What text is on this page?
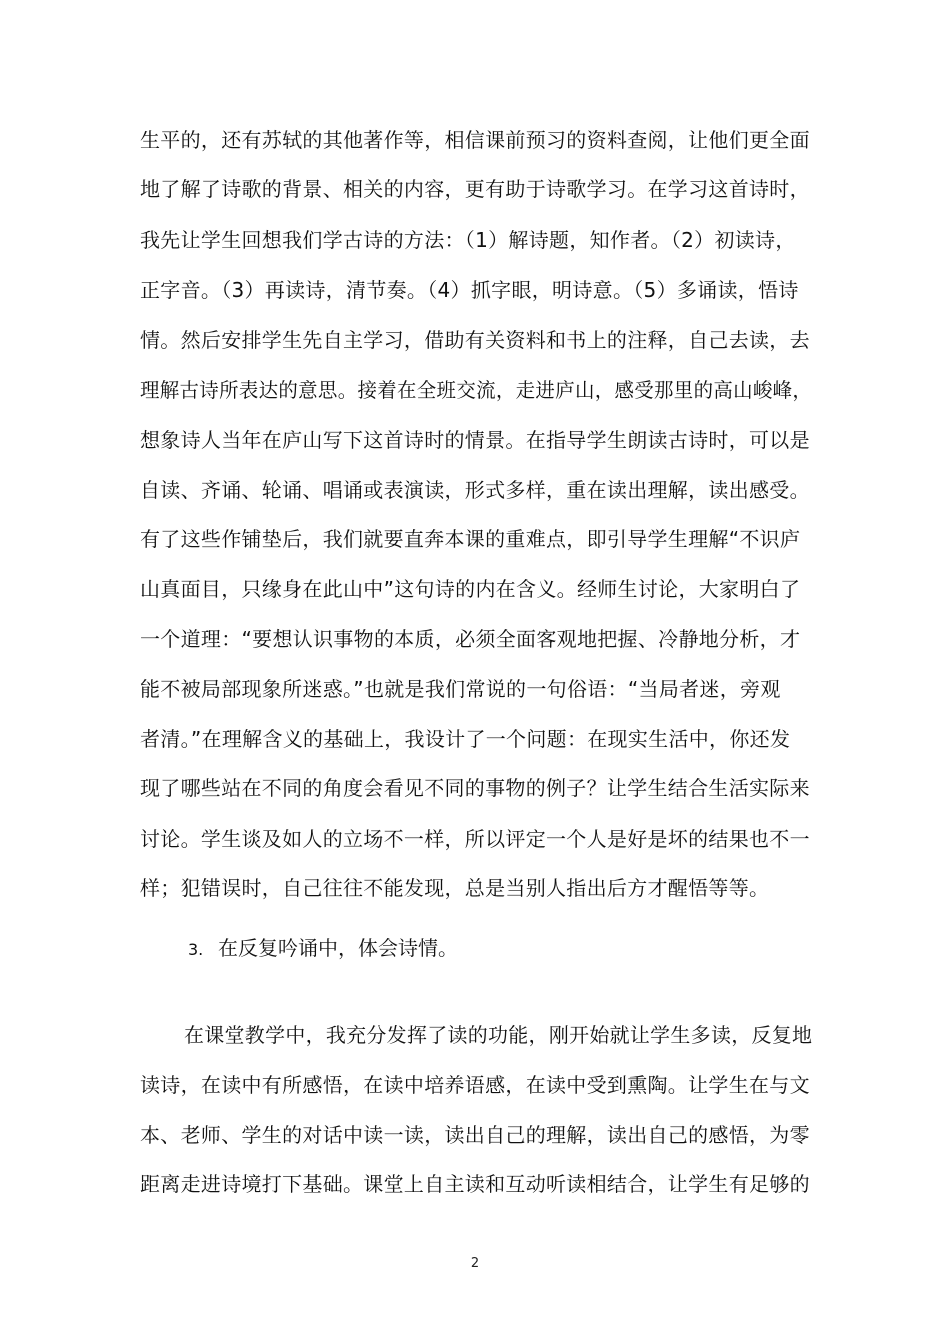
生平的，还有苏轼的其他著作等，相信课前预习的资料查阅，让他们更全面
地了解了诗歌的背景、相关的内容，更有助于诗歌学习。在学习这首诗时，
我先让学生回想我们学古诗的方法：（1）解诗题，知作者。（2）初读诗，
正字音。（3）再读诗，清节奏。（4）抓字眼，明诗意。（5）多诵读，悟诗
情。然后安排学生先自主学习，借助有关资料和书上的注释，自己去读，去
理解古诗所表达的意思。接着在全班交流，走进庐山，感受那里的高山峻峰，
想象诗人当年在庐山写下这首诗时的情景。在指导学生朗读古诗时，可以是
自读、齐诵、轮诵、唱诵或表演读，形式多样，重在读出理解，读出感受。
有了这些作铺垫后，我们就要直奔本课的重难点，即引导学生理解“不识庐
山真面目，只缘身在此山中”这句诗的内在含义。经师生讨论，大家明白了
一个道理：“要想认识事物的本质，必须全面客观地把握、冷静地分析，才
能不被局部现象所迷惑。”也就是我们常说的一句俗语：“当局者迷，旁观
者清。”在理解含义的基础上，我设计了一个问题：在现实生活中，你还发
现了哪些站在不同的角度会看见不同的事物的例子？让学生结合生活实际来
讨论。学生谈及如人的立场不一样，所以评定一个人是好是坏的结果也不一
样；犯错误时，自己往往不能发现，总是当别人指出后方才醒悟等等。
3. 在反复吟诵中，体会诗情。
在课堂教学中，我充分发挥了读的功能，刚开始就让学生多读，反复地
读诗，在读中有所感悟，在读中培养语感，在读中受到熏陶。让学生在与文
本、老师、学生的对话中读一读，读出自己的理解，读出自己的感悟，为零
距离走进诗境打下基础。课堂上自主读和互动听读相结合，让学生有足够的
2
